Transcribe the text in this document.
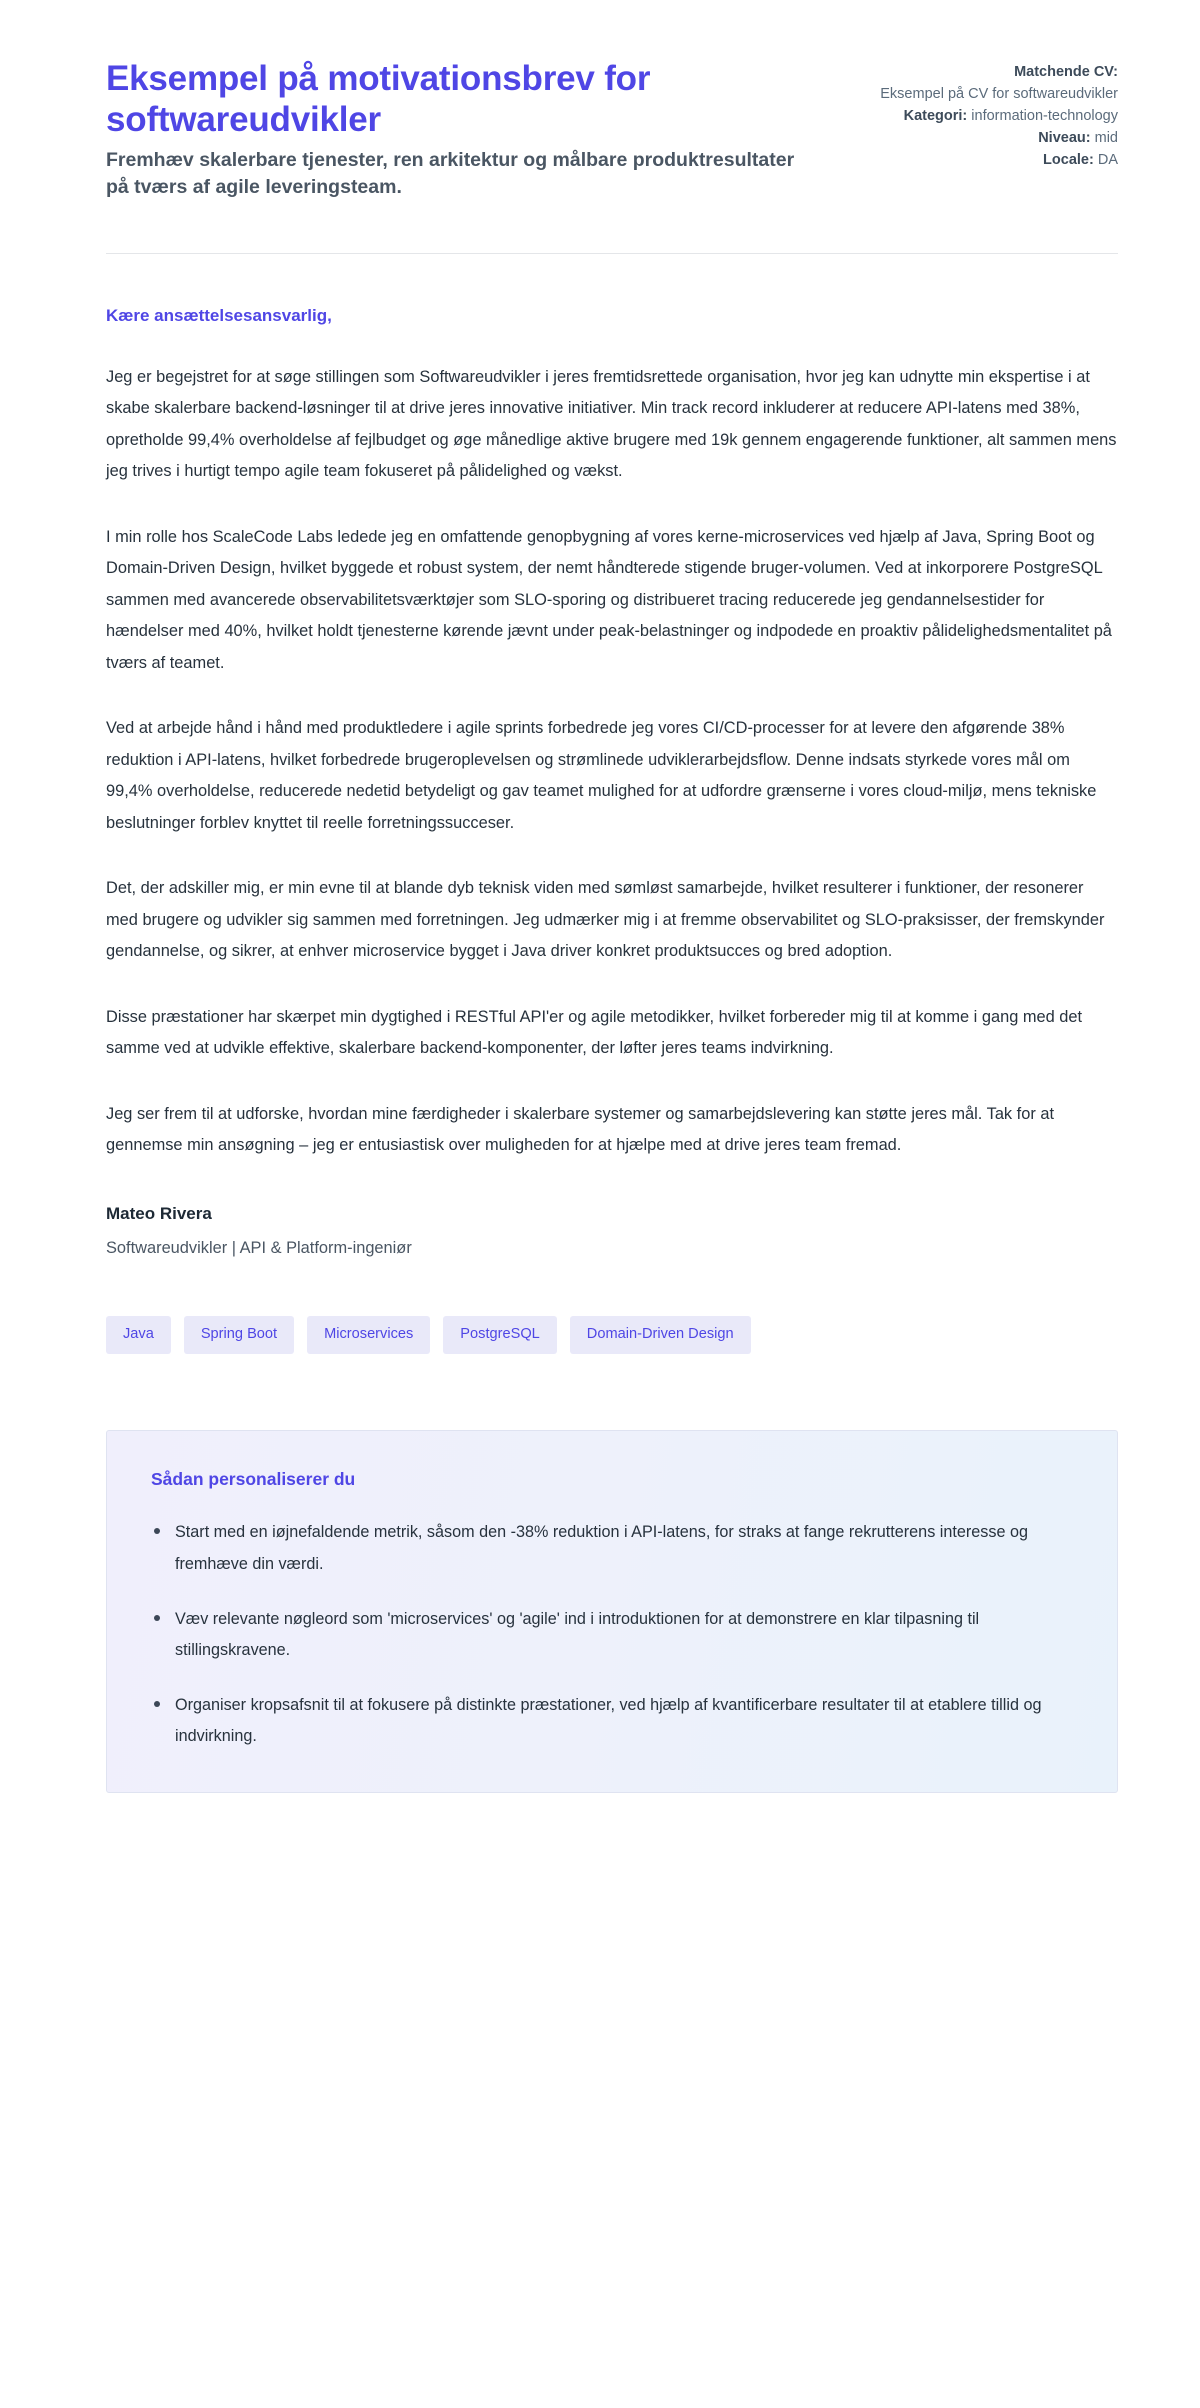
Eksempel på motivationsbrev for softwareudvikler

Fremhæv skalerbare tjenester, ren arkitektur og målbare produktresultater på tværs af agile leveringsteam.

Matchende CV:
Eksempel på CV for softwareudvikler
Kategori: information-technology
Niveau: mid
Locale: DA

Kære ansættelsesansvarlig,

Jeg er begejstret for at søge stillingen som Softwareudvikler i jeres fremtidsrettede organisation, hvor jeg kan udnytte min ekspertise i at skabe skalerbare backend-løsninger til at drive jeres innovative initiativer. Min track record inkluderer at reducere API-latens med 38%, opretholde 99,4% overholdelse af fejlbudget og øge månedlige aktive brugere med 19k gennem engagerende funktioner, alt sammen mens jeg trives i hurtigt tempo agile team fokuseret på pålidelighed og vækst.

I min rolle hos ScaleCode Labs ledede jeg en omfattende genopbygning af vores kerne-microservices ved hjælp af Java, Spring Boot og Domain-Driven Design, hvilket byggede et robust system, der nemt håndterede stigende bruger-volumen. Ved at inkorporere PostgreSQL sammen med avancerede observabilitetsværktøjer som SLO-sporing og distribueret tracing reducerede jeg gendannelsestider for hændelser med 40%, hvilket holdt tjenesterne kørende jævnt under peak-belastninger og indpodede en proaktiv pålidelighedsmentalitet på tværs af teamet.

Ved at arbejde hånd i hånd med produktledere i agile sprints forbedrede jeg vores CI/CD-processer for at levere den afgørende 38% reduktion i API-latens, hvilket forbedrede brugeroplevelsen og strømlinede udviklerarbejdsflow. Denne indsats styrkede vores mål om 99,4% overholdelse, reducerede nedetid betydeligt og gav teamet mulighed for at udfordre grænserne i vores cloud-miljø, mens tekniske beslutninger forblev knyttet til reelle forretningssucceser.

Det, der adskiller mig, er min evne til at blande dyb teknisk viden med sømløst samarbejde, hvilket resulterer i funktioner, der resonerer med brugere og udvikler sig sammen med forretningen. Jeg udmærker mig i at fremme observabilitet og SLO-praksisser, der fremskynder gendannelse, og sikrer, at enhver microservice bygget i Java driver konkret produktsucces og bred adoption.

Disse præstationer har skærpet min dygtighed i RESTful API'er og agile metodikker, hvilket forbereder mig til at komme i gang med det samme ved at udvikle effektive, skalerbare backend-komponenter, der løfter jeres teams indvirkning.

Jeg ser frem til at udforske, hvordan mine færdigheder i skalerbare systemer og samarbejdslevering kan støtte jeres mål. Tak for at gennemse min ansøgning – jeg er entusiastisk over muligheden for at hjælpe med at drive jeres team fremad.

Mateo Rivera

Softwareudvikler | API & Platform-ingeniør

Java	Spring Boot	Microservices	PostgreSQL	Domain-Driven Design
Sådan personaliserer du
Start med en iøjnefaldende metrik, såsom den -38% reduktion i API-latens, for straks at fange rekrutterens interesse og fremhæve din værdi.
Væv relevante nøgleord som 'microservices' og 'agile' ind i introduktionen for at demonstrere en klar tilpasning til stillingskravene.
Organiser kropsafsnit til at fokusere på distinkte præstationer, ved hjælp af kvantificerbare resultater til at etablere tillid og indvirkning.
